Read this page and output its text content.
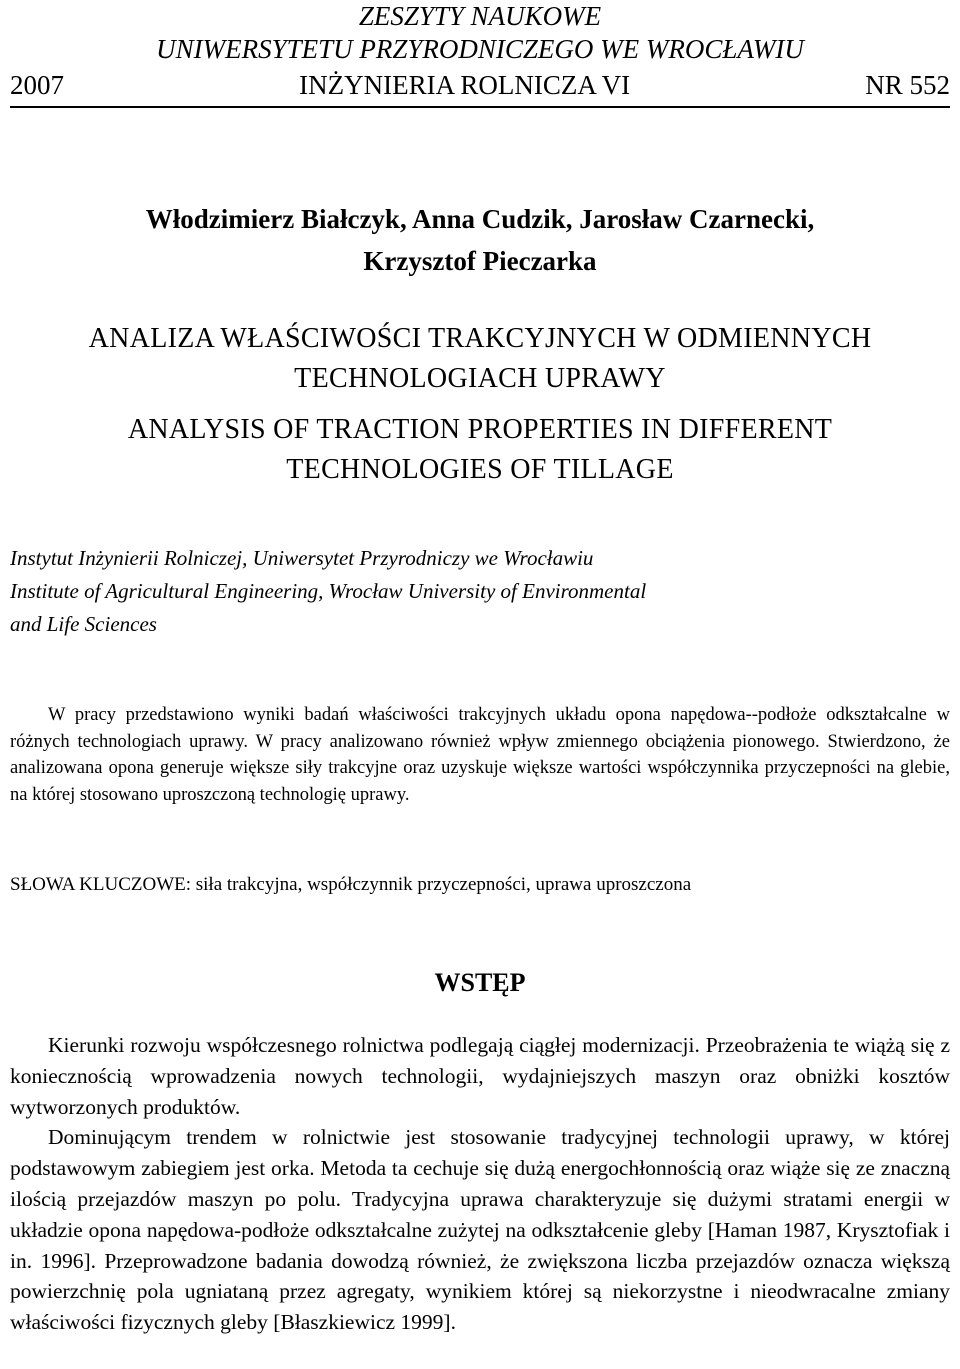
ZESZYTY NAUKOWE
UNIWERSYTETU PRZYRODNICZEGO WE WROCŁAWIU
2007	INŻYNIERIA ROLNICZA VI	NR 552
Włodzimierz Białczyk, Anna Cudzik, Jarosław Czarnecki,
Krzysztof Pieczarka
ANALIZA WŁAŚCIWOŚCI TRAKCYJNYCH W ODMIENNYCH
TECHNOLOGIACH UPRAWY
ANALYSIS OF TRACTION PROPERTIES IN DIFFERENT
TECHNOLOGIES OF TILLAGE
Instytut Inżynierii Rolniczej, Uniwersytet Przyrodniczy we Wrocławiu
Institute of Agricultural Engineering, Wrocław University of Environmental
and Life Sciences

W pracy przedstawiono wyniki badań właściwości trakcyjnych układu opona napędowa--podłoże odkształcalne w różnych technologiach uprawy. W pracy analizowano również wpływ zmiennego obciążenia pionowego. Stwierdzono, że analizowana opona generuje większe siły trakcyjne oraz uzyskuje większe wartości współczynnika przyczepności na glebie, na której stosowano uproszczoną technologię uprawy.

SŁOWA KLUCZOWE: siła trakcyjna, współczynnik przyczepności, uprawa uproszczona
WSTĘP

Kierunki rozwoju współczesnego rolnictwa podlegają ciągłej modernizacji. Przeobrażenia te wiążą się z koniecznością wprowadzenia nowych technologii, wydajniejszych maszyn oraz obniżki kosztów wytworzonych produktów.

Dominującym trendem w rolnictwie jest stosowanie tradycyjnej technologii uprawy, w której podstawowym zabiegiem jest orka. Metoda ta cechuje się dużą energochłonnością oraz wiąże się ze znaczną ilością przejazdów maszyn po polu. Tradycyjna uprawa charakteryzuje się dużymi stratami energii w układzie opona napędowa-podłoże odkształcalne zużytej na odkształcenie gleby [Haman 1987, Krysztofiak i in. 1996]. Przeprowadzone badania dowodzą również, że zwiększona liczba przejazdów oznacza większą powierzchnię pola ugniataną przez agregaty, wynikiem której są niekorzystne i nieodwracalne zmiany właściwości fizycznych gleby [Błaszkiewicz 1999].
